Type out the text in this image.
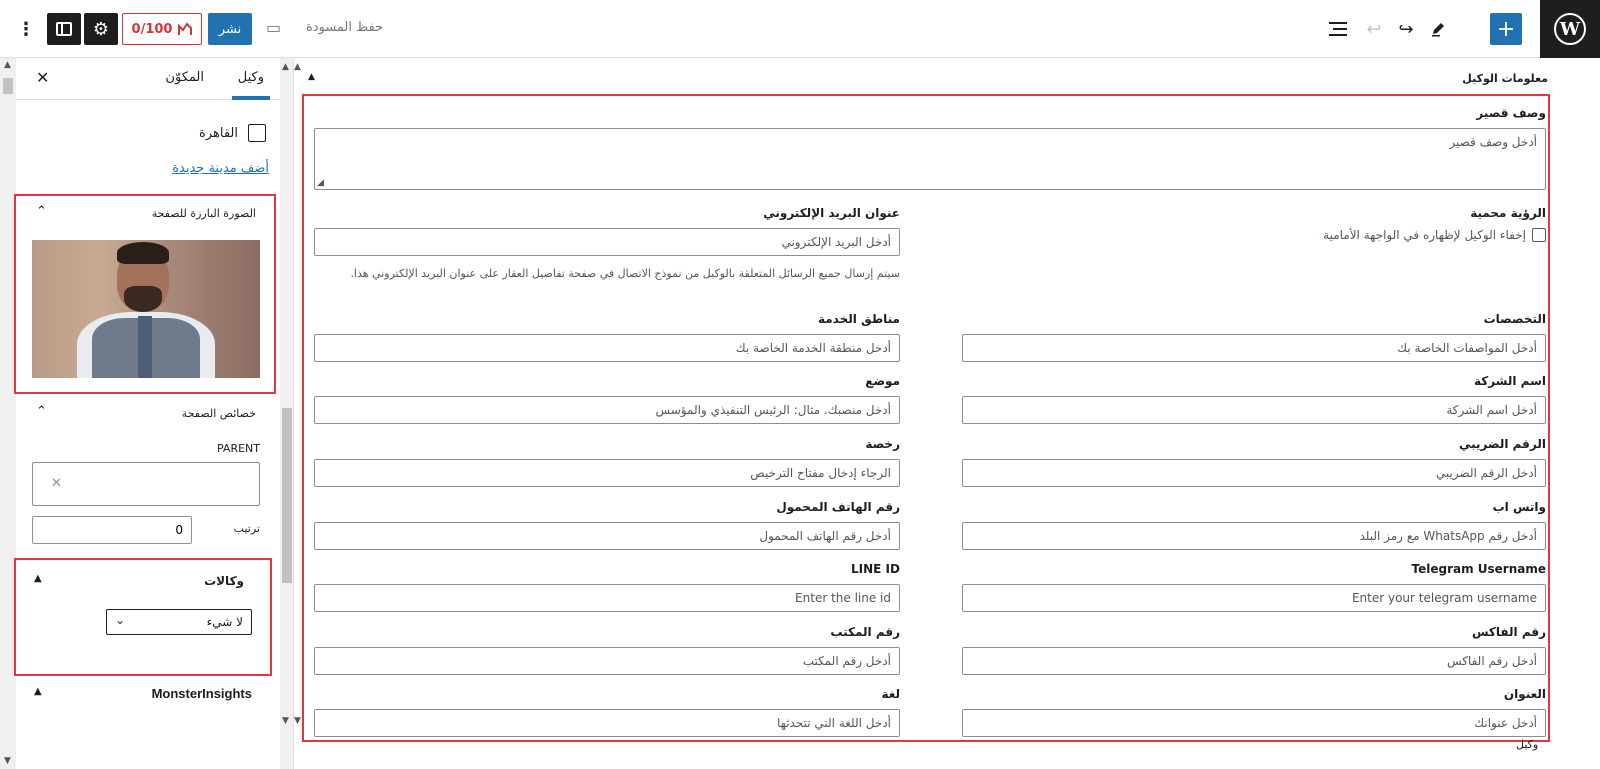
W
+
↪
↩
حفظ المسودة
▭
نشر
0/100
⚙
⋮
▲
▼
وكيل
المكوّن
✕
القاهرة
أضف مدينة جديدة
الصورة البارزة للصفحة
⌃
خصائص الصفحة
⌃
PARENT
✕
ترتيب
0
وكالات
▲
لا شيء
⌄
MonsterInsights
▲
▲
▼
▲
▼
معلومات الوكيل
▲
وصف قصير
أدخل وصف قصير
◢
الرؤية محمية
إخفاء الوكيل لإظهاره في الواجهة الأمامية
عنوان البريد الإلكتروني
أدخل البريد الإلكتروني
سيتم إرسال جميع الرسائل المتعلقة بالوكيل من نموذج الاتصال في صفحة تفاصيل العقار على عنوان البريد الإلكتروني هذا.
التخصصات
أدخل المواصفات الخاصة بك
مناطق الخدمة
أدخل منطقة الخدمة الخاصة بك
اسم الشركة
أدخل اسم الشركة
موضع
أدخل منصبك. مثال: الرئيس التنفيذي والمؤسس
الرقم الضريبي
أدخل الرقم الضريبي
رخصة
الرجاء إدخال مفتاح الترخيص
واتس اب
أدخل رقم WhatsApp مع رمز البلد
رقم الهاتف المحمول
أدخل رقم الهاتف المحمول
Telegram Username
Enter your telegram username
LINE ID
Enter the line id
رقم الفاكس
أدخل رقم الفاكس
رقم المكتب
أدخل رقم المكتب
العنوان
أدخل عنوانك
لغة
أدخل اللغة التي تتحدثها
وكيل
